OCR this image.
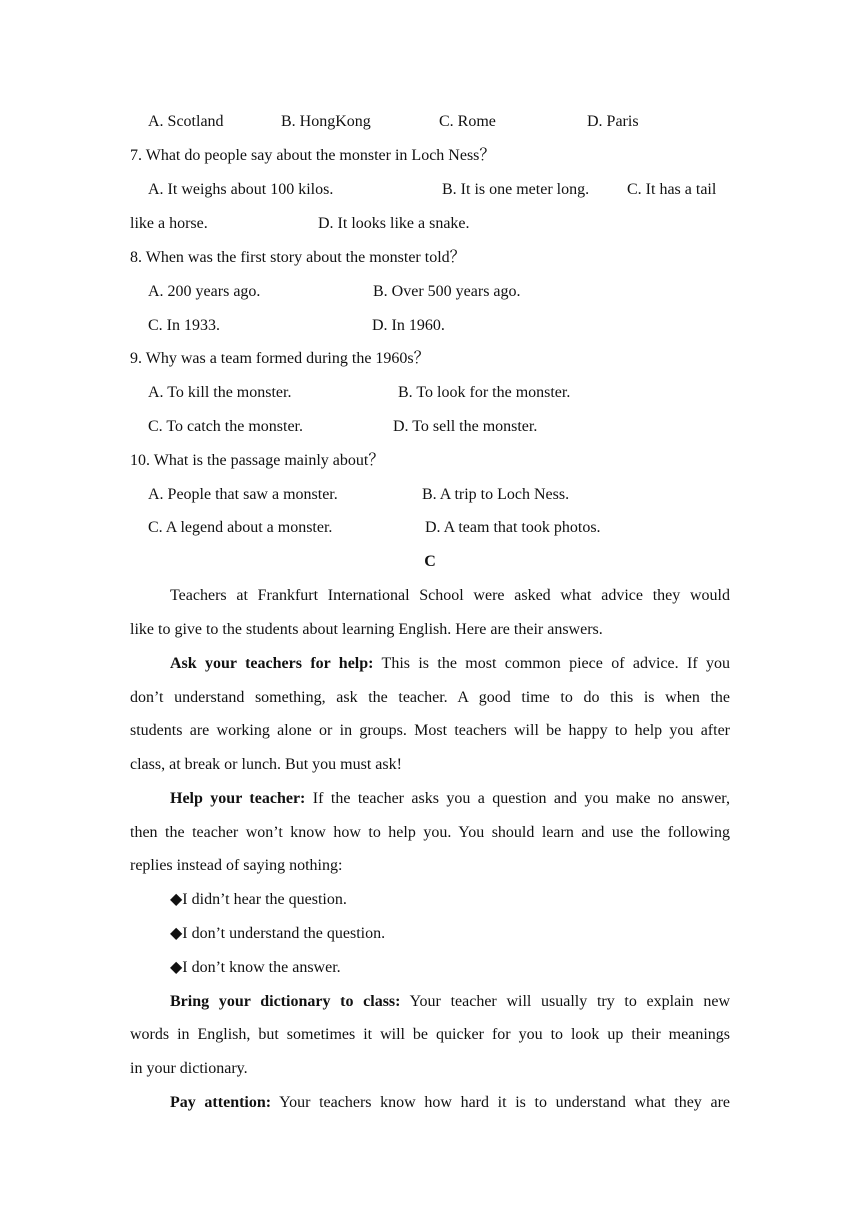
A. Scotland	B. HongKong	C. Rome	D. Paris
7. What do people say about the monster in Loch Ness？
A. It weighs about 100 kilos.	B. It is one meter long. C. It has a tail
like a horse.	D. It looks like a snake.
8. When was the first story about the monster told？
A. 200 years ago.	B. Over 500 years ago.
C. In 1933.	D. In 1960.
9. Why was a team formed during the 1960s？
A. To kill the monster.	B. To look for the monster.
C. To catch the monster.	D. To sell the monster.
10. What is the passage mainly about？
A. People that saw a monster.	B. A trip to Loch Ness.
C. A legend about a monster.	D. A team that took photos.
C
Teachers at Frankfurt International School were asked what advice they would
like to give to the students about learning English. Here are their answers.
Ask your teachers for help: This is the most common piece of advice. If you
don’t understand something, ask the teacher. A good time to do this is when the
students are working alone or in groups. Most teachers will be happy to help you after
class, at break or lunch. But you must ask!
Help your teacher: If the teacher asks you a question and you make no answer,
then the teacher won’t know how to help you. You should learn and use the following
replies instead of saying nothing:
◆I didn’t hear the question.
◆I don’t understand the question.
◆I don’t know the answer.
Bring your dictionary to class: Your teacher will usually try to explain new
words in English, but sometimes it will be quicker for you to look up their meanings
in your dictionary.
Pay attention: Your teachers know how hard it is to understand what they are
